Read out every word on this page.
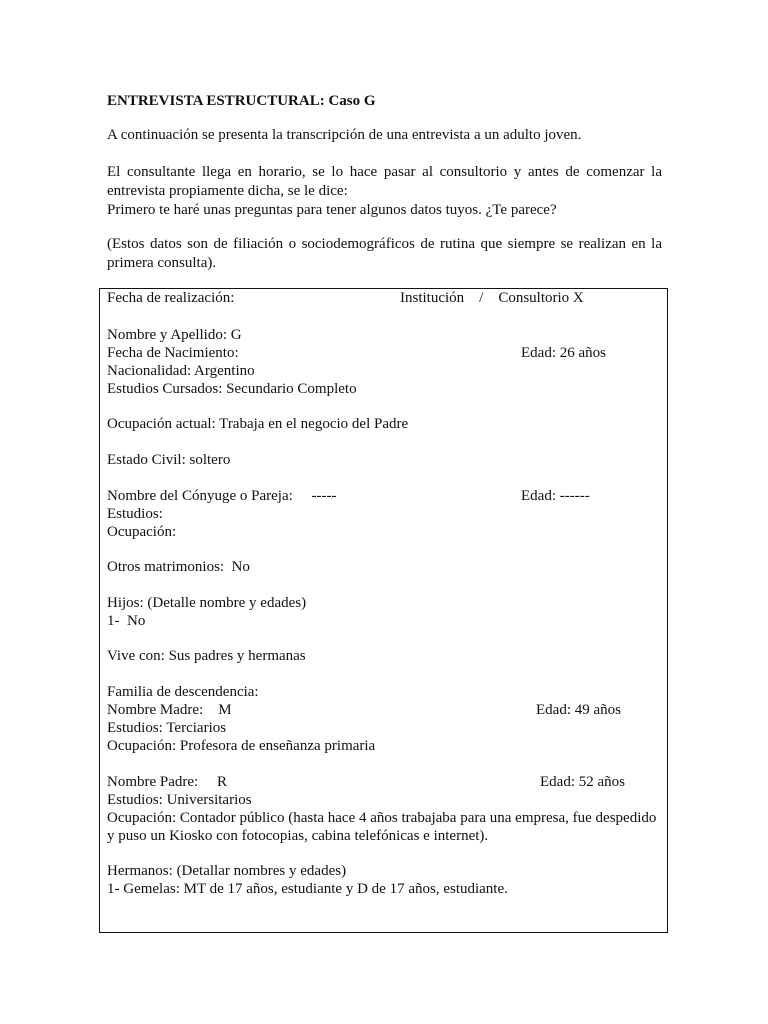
ENTREVISTA ESTRUCTURAL: Caso G

A continuación se presenta la transcripción de una entrevista a un adulto joven.

El consultante llega en horario, se lo hace pasar al consultorio y antes de comenzar la
entrevista propiamente dicha, se le dice:
Primero te haré unas preguntas para tener algunos datos tuyos. ¿Te parece?

(Estos datos son de filiación o sociodemográficos de rutina que siempre se realizan en la
primera consulta).

Fecha de realización:	Institución    /    Consultorio X
Nombre y Apellido: G
Fecha de Nacimiento:	Edad: 26 años
Nacionalidad: Argentino
Estudios Cursados: Secundario Completo
Ocupación actual: Trabaja en el negocio del Padre
Estado Civil: soltero
Nombre del Cónyuge o Pareja:     -----	Edad: ------
Estudios:
Ocupación:
Otros matrimonios:  No
Hijos: (Detalle nombre y edades)
1-  No
Vive con: Sus padres y hermanas
Familia de descendencia:
Nombre Madre:    M	Edad: 49 años
Estudios: Terciarios
Ocupación: Profesora de enseñanza primaria
Nombre Padre:     R	Edad: 52 años
Estudios: Universitarios
Ocupación: Contador público (hasta hace 4 años trabajaba para una empresa, fue despedido
y puso un Kiosko con fotocopias, cabina telefónicas e internet).
Hermanos: (Detallar nombres y edades)
1- Gemelas: MT de 17 años, estudiante y D de 17 años, estudiante.
